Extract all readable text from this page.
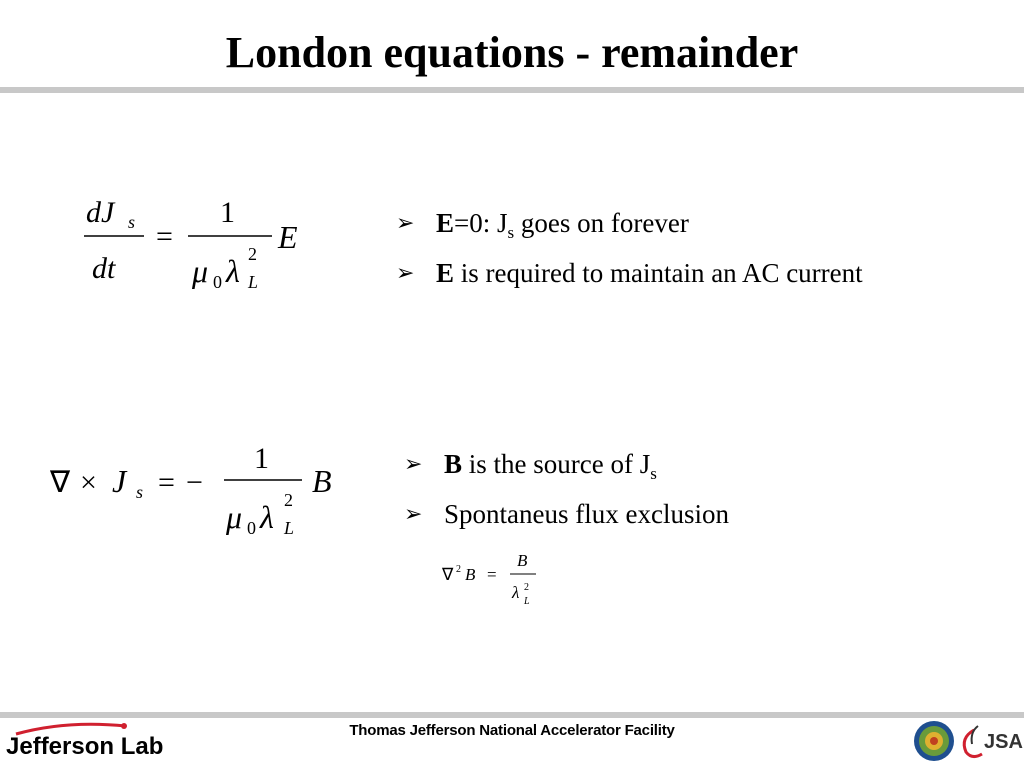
London equations - remainder
dJ s
dt
=
1
μ 0 λ 2
L
E	➢ E=0: $J_s$ goes on forever
➢ E is required to maintain an AC current
∇ × J s = −
1
μ 0 λ 2
L
B	➢ B is the source of $J_s$
➢ Spontaneus flux exclusion
∇ 2 B =
B
λ 2
L
Jefferson Lab
Thomas Jefferson National Accelerator Facility
JSA
